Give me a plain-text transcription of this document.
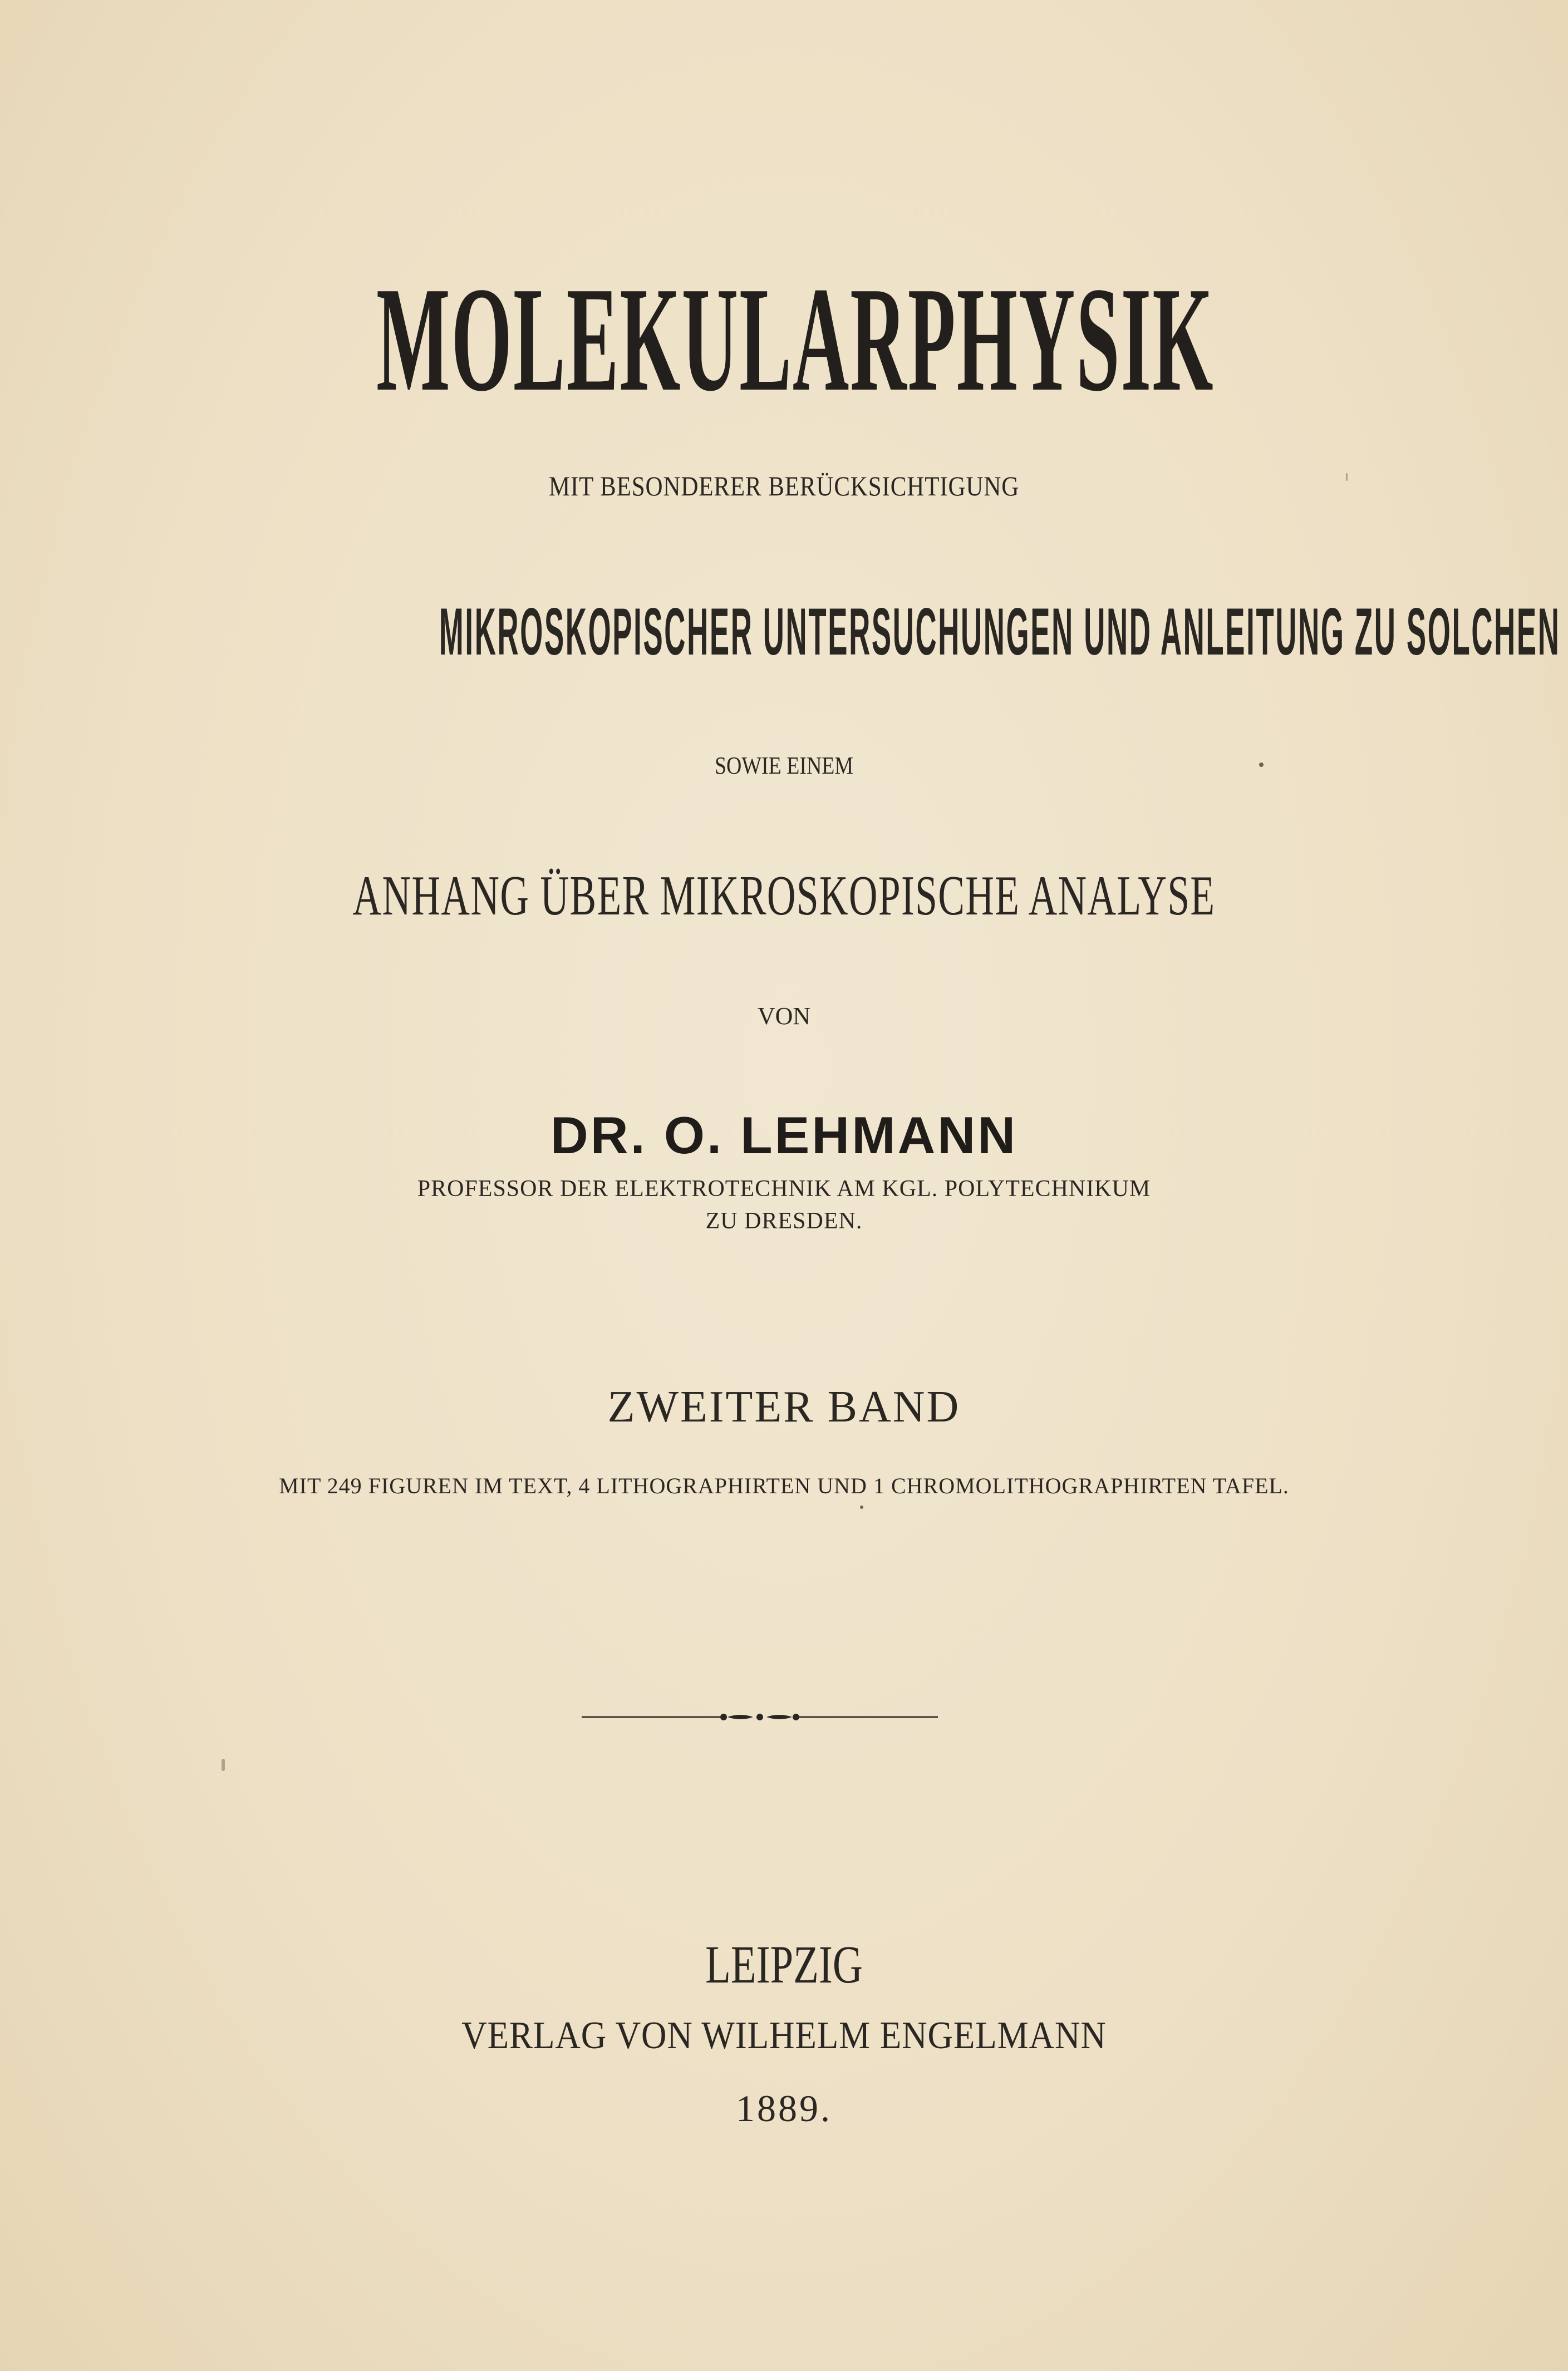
MOLEKULARPHYSIK

MIT BESONDERER BERÜCKSICHTIGUNG

MIKROSKOPISCHER UNTERSUCHUNGEN UND ANLEITUNG ZU SOLCHEN

SOWIE EINEM

ANHANG ÜBER MIKROSKOPISCHE ANALYSE

VON

DR. O. LEHMANN

PROFESSOR DER ELEKTROTECHNIK AM KGL. POLYTECHNIKUM

ZU DRESDEN.

ZWEITER BAND

MIT 249 FIGUREN IM TEXT, 4 LITHOGRAPHIRTEN UND 1 CHROMOLITHOGRAPHIRTEN TAFEL.

LEIPZIG

VERLAG VON WILHELM ENGELMANN

1889.
